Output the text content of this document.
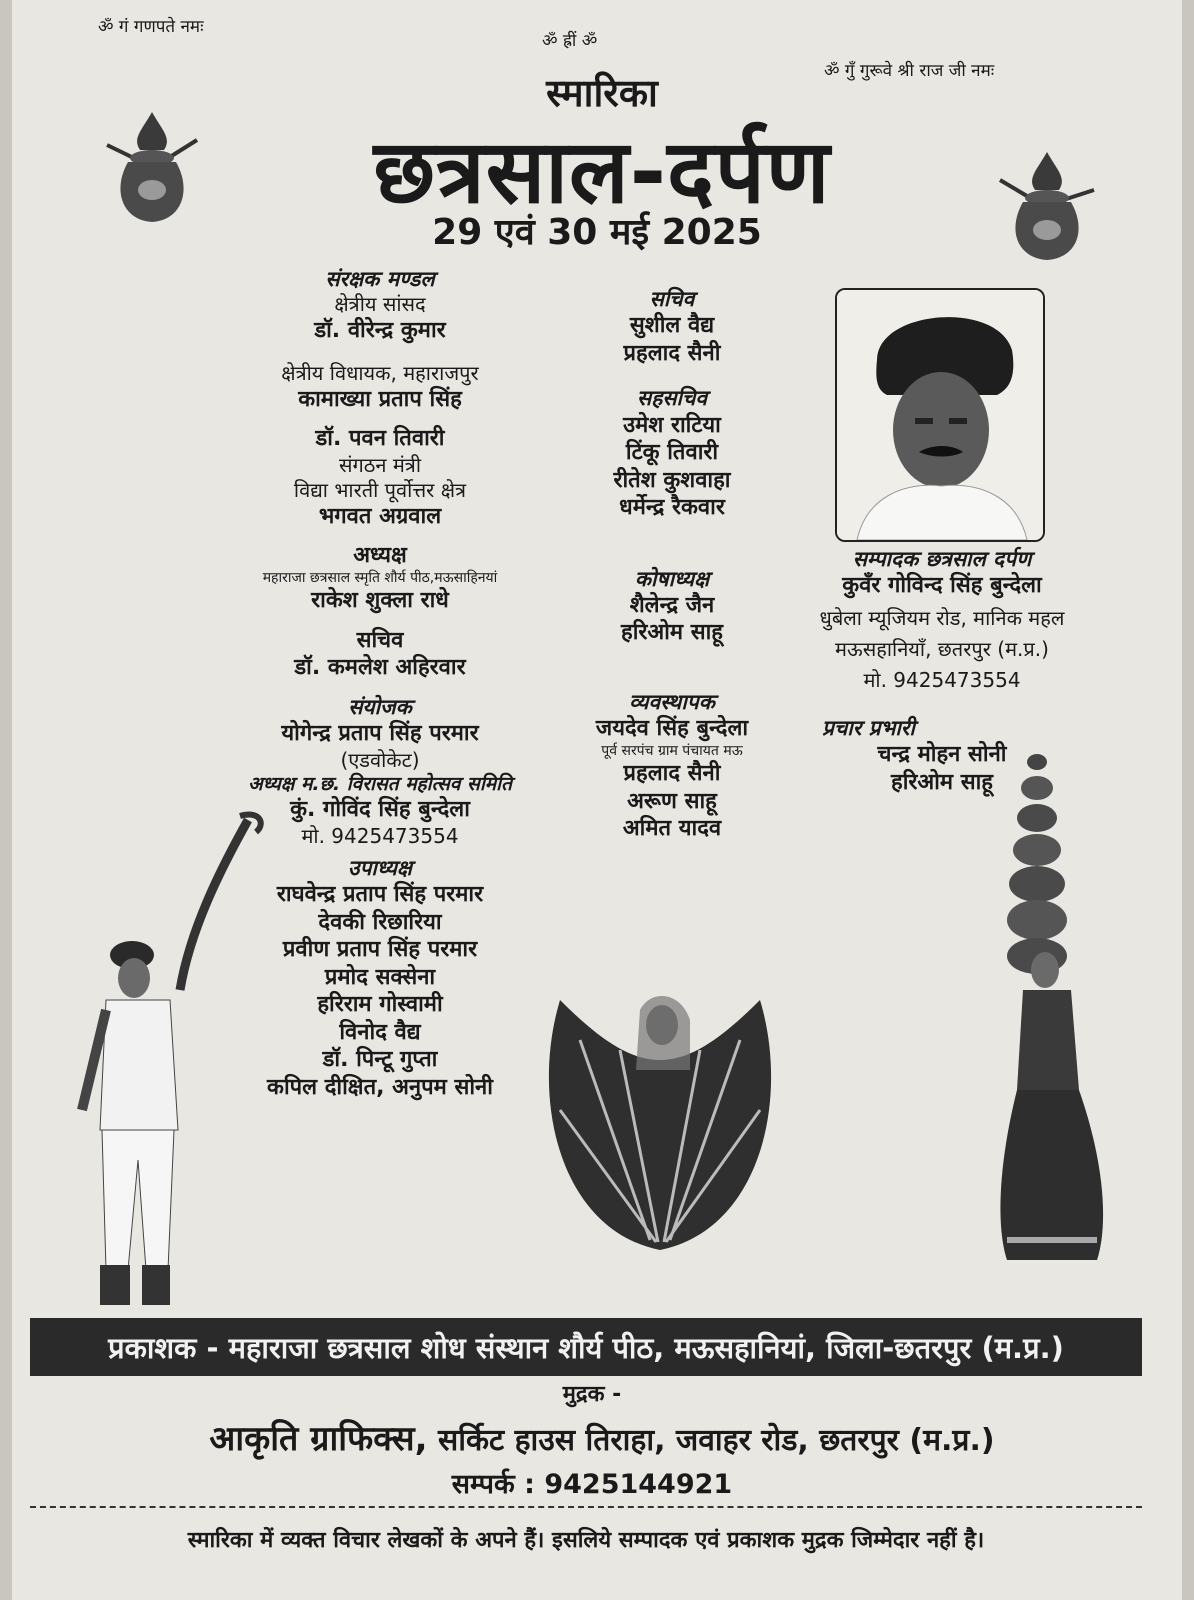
ॐ गं गणपते नमः
ॐ ह्रीं ॐ
ॐ गुँ गुरूवे श्री राज जी नमः
स्मारिका
छत्रसाल-दर्पण
29 एवं 30 मई 2025
संरक्षक मण्डल
क्षेत्रीय सांसद
डॉ. वीरेन्द्र कुमार
क्षेत्रीय विधायक, महाराजपुर
कामाख्या प्रताप सिंह
डॉ. पवन तिवारी
संगठन मंत्री
विद्या भारती पूर्वोत्तर क्षेत्र
भगवत अग्रवाल
अध्यक्ष
महाराजा छत्रसाल स्मृति शौर्य पीठ,मऊसाहिनयां
राकेश शुक्ला राधे
सचिव
डॉ. कमलेश अहिरवार
संयोजक
योगेन्द्र प्रताप सिंह परमार
(एडवोकेट)
अध्यक्ष म.छ. विरासत महोत्सव समिति
कुं. गोविंद सिंह बुन्देला
मो. 9425473554
उपाध्यक्ष
राघवेन्द्र प्रताप सिंह परमार
देवकी रिछारिया
प्रवीण प्रताप सिंह परमार
प्रमोद सक्सेना
हरिराम गोस्वामी
विनोद वैद्य
डॉ. पिन्टू गुप्ता
कपिल दीक्षित, अनुपम सोनी
सचिव
सुशील वैद्य
प्रहलाद सैनी
सहसचिव
उमेश राटिया
टिंकू तिवारी
रीतेश कुशवाहा
धर्मेन्द्र रैकवार
कोषाध्यक्ष
शैलेन्द्र जैन
हरिओम साहू
व्यवस्थापक
जयदेव सिंह बुन्देला
पूर्व सरपंच ग्राम पंचायत मऊ
प्रहलाद सैनी
अरूण साहू
अमित यादव
सम्पादक छत्रसाल दर्पण
कुवँर गोविन्द सिंह बुन्देला
धुबेला म्यूजियम रोड, मानिक महल
मऊसहानियाँ, छतरपुर (म.प्र.)
मो. 9425473554
प्रचार प्रभारी
चन्द्र मोहन सोनी
हरिओम साहू
प्रकाशक - महाराजा छत्रसाल शोध संस्थान शौर्य पीठ, मऊसहानियां, जिला-छतरपुर (म.प्र.)
मुद्रक -
आकृति ग्राफिक्स, सर्किट हाउस तिराहा, जवाहर रोड, छतरपुर (म.प्र.)
सम्पर्क : 9425144921
स्मारिका में व्यक्त विचार लेखकों के अपने हैं। इसलिये सम्पादक एवं प्रकाशक मुद्रक जिम्मेदार नहीं है।
